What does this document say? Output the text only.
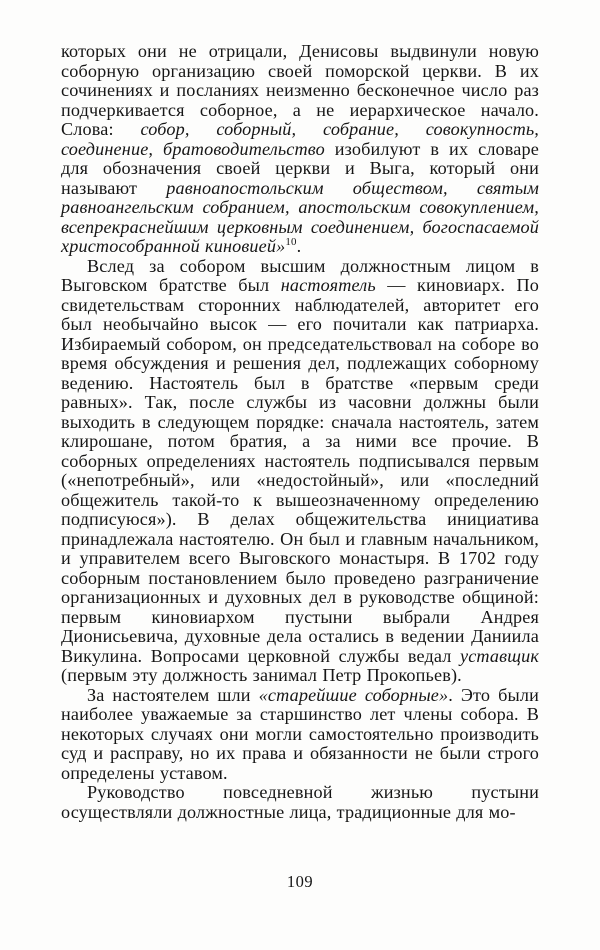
которых они не отрицали, Денисовы выдвинули новую соборную организацию своей поморской церкви. В их сочинениях и посланиях неизменно бесконечное число раз подчеркивается соборное, а не иерархическое начало. Слова: собор, соборный, собрание, совокупность, соединение, братоводительство изобилуют в их словаре для обозначения своей церкви и Выга, который они называют равноапостольским обществом, святым равноангельским собранием, апостольским совокуплением, всепрекраснейшим церковным соединением, богоспасаемой христособранной киновией»$^{10}$.

Вслед за собором высшим должностным лицом в Выговском братстве был настоятель — киновиарх. По свидетельствам сторонних наблюдателей, авторитет его был необычайно высок — его почитали как патриарха. Избираемый собором, он председательствовал на соборе во время обсуждения и решения дел, подлежащих соборному ведению. Настоятель был в братстве «первым среди равных». Так, после службы из часовни должны были выходить в следующем порядке: сначала настоятель, затем клирошане, потом братия, а за ними все прочие. В соборных определениях настоятель подписывался первым («непотребный», или «недостойный», или «последний общежитель такой-то к вышеозначенному определению подписуюся»). В делах общежительства инициатива принадлежала настоятелю. Он был и главным начальником, и управителем всего Выговского монастыря. В 1702 году соборным постановлением было проведено разграничение организационных и духовных дел в руководстве общиной: первым киновиархом пустыни выбрали Андрея Дионисьевича, духовные дела остались в ведении Даниила Викулина. Вопросами церковной службы ведал уставщик (первым эту должность занимал Петр Прокопьев).

За настоятелем шли «старейшие соборные». Это были наиболее уважаемые за старшинство лет члены собора. В некоторых случаях они могли самостоятельно производить суд и расправу, но их права и обязанности не были строго определены уставом.

Руководство повседневной жизнью пустыни осуществляли должностные лица, традиционные для мо-

109
